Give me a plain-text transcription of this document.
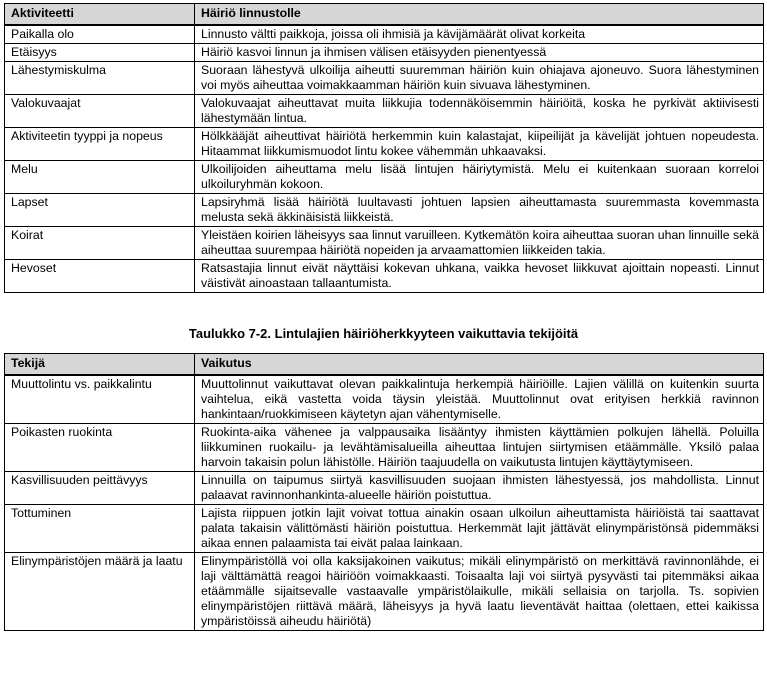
Aktiviteetti	Häiriö linnustolle
Paikalla olo	Linnusto vältti paikkoja, joissa oli ihmisiä ja kävijämäärät olivat korkeita
Etäisyys	Häiriö kasvoi linnun ja ihmisen välisen etäisyyden pienentyessä
Lähestymiskulma	Suoraan lähestyvä ulkoilija aiheutti suuremman häiriön kuin ohiajava ajoneuvo. Suora lähestyminen voi myös aiheuttaa voimakkaamman häiriön kuin sivuava lähestyminen.
Valokuvaajat	Valokuvaajat aiheuttavat muita liikkujia todennäköisemmin häiriöitä, koska he pyrkivät aktiivisesti lähestymään lintua.
Aktiviteetin tyyppi ja nopeus	Hölkkääjät aiheuttivat häiriötä herkemmin kuin kalastajat, kiipeilijät ja kävelijät johtuen nopeudesta. Hitaammat liikkumismuodot lintu kokee vähemmän uhkaavaksi.
Melu	Ulkoilijoiden aiheuttama melu lisää lintujen häiriytymistä. Melu ei kuitenkaan suoraan korreloi ulkoiluryhmän kokoon.
Lapset	Lapsiryhmä lisää häiriötä luultavasti johtuen lapsien aiheuttamasta suuremmasta kovemmasta melusta sekä äkkinäisistä liikkeistä.
Koirat	Yleistäen koirien läheisyys saa linnut varuilleen. Kytkemätön koira aiheuttaa suoran uhan linnuille sekä aiheuttaa suurempaa häiriötä nopeiden ja arvaamattomien liikkeiden takia.
Hevoset	Ratsastajia linnut eivät näyttäisi kokevan uhkana, vaikka hevoset liikkuvat ajoittain nopeasti. Linnut väistivät ainoastaan tallaantumista.
Taulukko 7-2. Lintulajien häiriöherkkyyteen vaikuttavia tekijöitä
Tekijä	Vaikutus
Muuttolintu vs. paikkalintu	Muuttolinnut vaikuttavat olevan paikkalintuja herkempiä häiriöille. Lajien välillä on kuitenkin suurta vaihtelua, eikä vastetta voida täysin yleistää. Muuttolinnut ovat erityisen herkkiä ravinnon hankintaan/ruokkimiseen käytetyn ajan vähentymiselle.
Poikasten ruokinta	Ruokinta-aika vähenee ja valppausaika lisääntyy ihmisten käyttämien polkujen lähellä. Poluilla liikkuminen ruokailu- ja levähtämisalueilla aiheuttaa lintujen siirtymisen etäämmälle. Yksilö palaa harvoin takaisin polun lähistölle. Häiriön taajuudella on vaikutusta lintujen käyttäytymiseen.
Kasvillisuuden peittävyys	Linnuilla on taipumus siirtyä kasvillisuuden suojaan ihmisten lähestyessä, jos mahdollista. Linnut palaavat ravinnonhankinta-alueelle häiriön poistuttua.
Tottuminen	Lajista riippuen jotkin lajit voivat tottua ainakin osaan ulkoilun aiheuttamista häiriöistä tai saattavat palata takaisin välittömästi häiriön poistuttua. Herkemmät lajit jättävät elinympäristönsä pidemmäksi aikaa ennen palaamista tai eivät palaa lainkaan.
Elinympäristöjen määrä ja laatu	Elinympäristöllä voi olla kaksijakoinen vaikutus; mikäli elinympäristö on merkittävä ravinnonlähde, ei laji välttämättä reagoi häiriöön voimakkaasti. Toisaalta laji voi siirtyä pysyvästi tai pitemmäksi aikaa etäämmälle sijaitsevalle vastaavalle ympäristölaikulle, mikäli sellaisia on tarjolla. Ts. sopivien elinympäristöjen riittävä määrä, läheisyys ja hyvä laatu lieventävät haittaa (olettaen, ettei kaikissa ympäristöissä aiheudu häiriötä)
